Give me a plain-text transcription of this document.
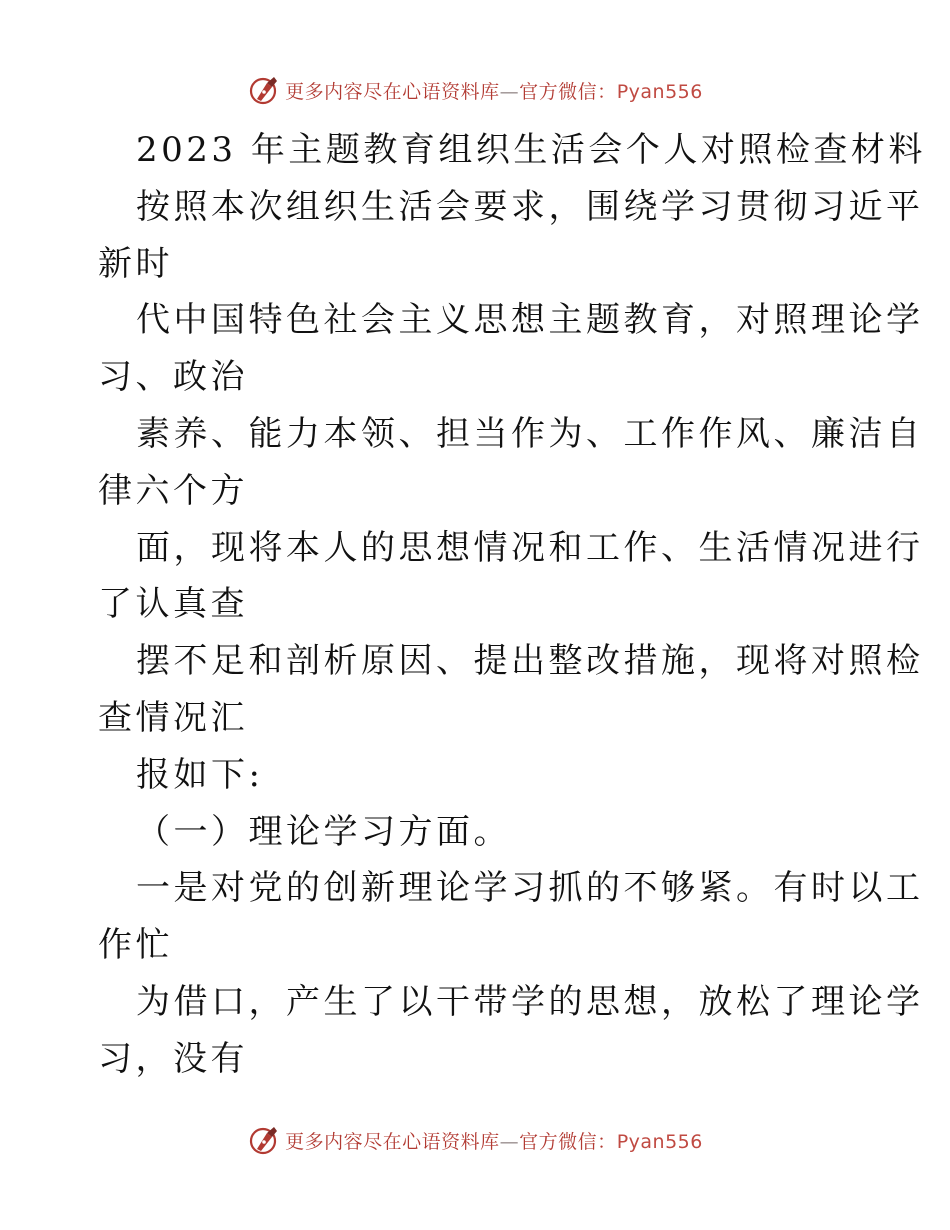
更多内容尽在心语资料库—官方微信：Pyan556
2023 年主题教育组织生活会个人对照检查材料
按照本次组织生活会要求，围绕学习贯彻习近平
新时
代中国特色社会主义思想主题教育，对照理论学
习、政治
素养、能力本领、担当作为、工作作风、廉洁自
律六个方
面，现将本人的思想情况和工作、生活情况进行
了认真查
摆不足和剖析原因、提出整改措施，现将对照检
查情况汇
报如下:
（一）理论学习方面。
一是对党的创新理论学习抓的不够紧。有时以工
作忙
为借口，产生了以干带学的思想，放松了理论学
习，没有
更多内容尽在心语资料库—官方微信：Pyan556
